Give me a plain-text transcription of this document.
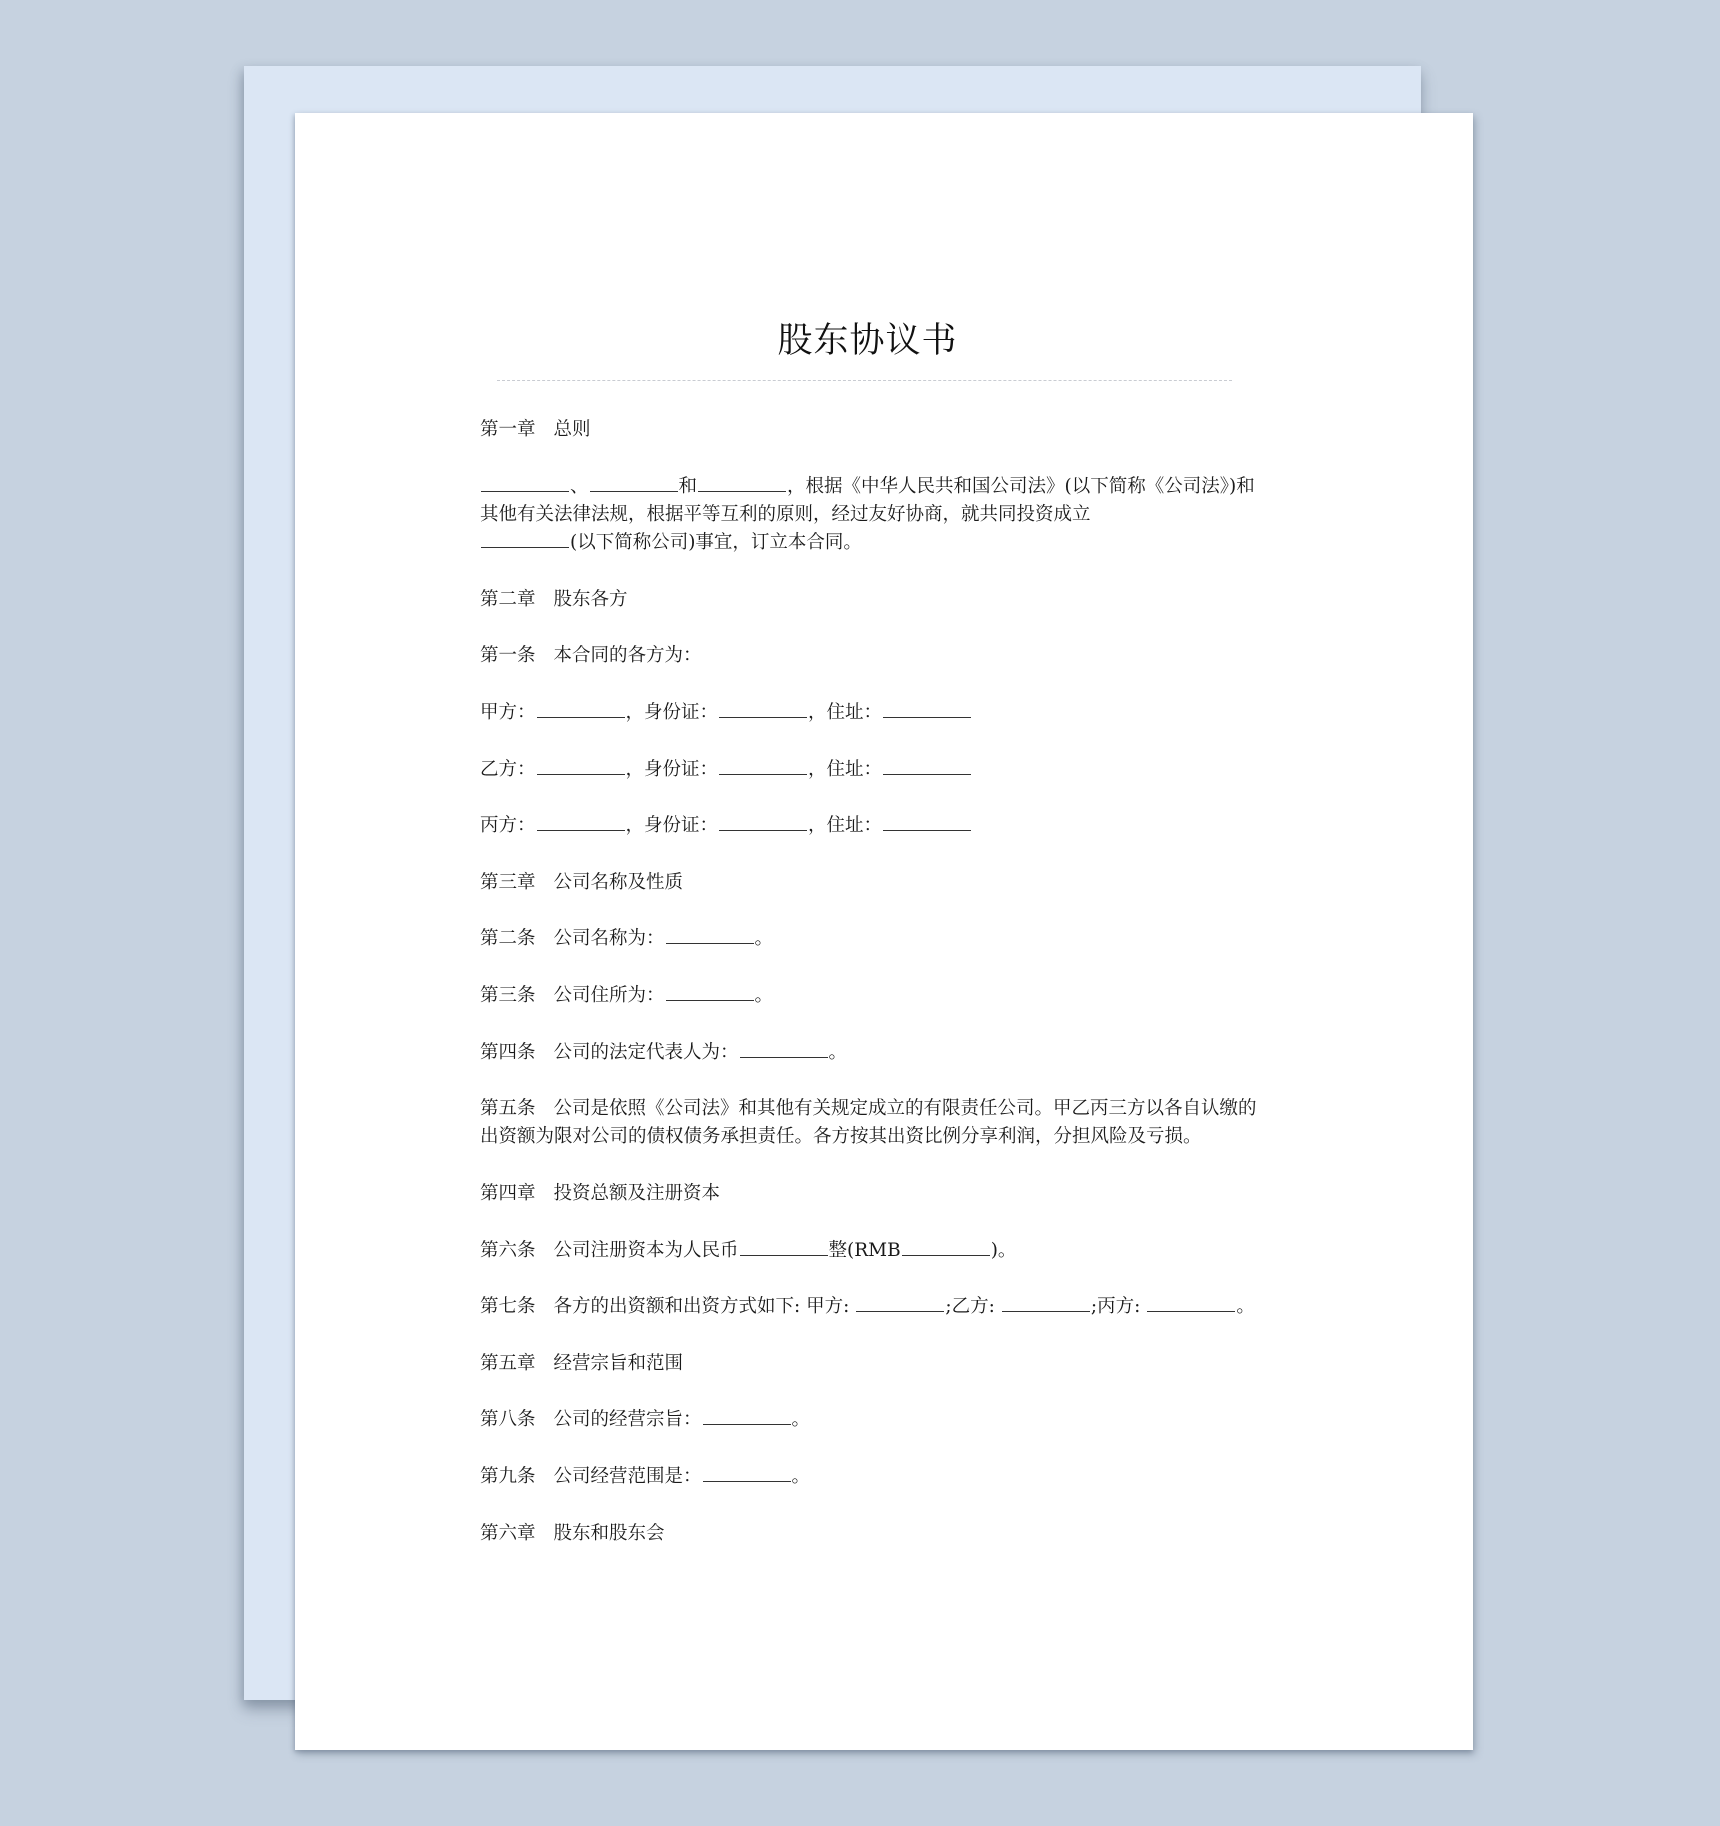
股东协议书

第一章 总则

、	和	，根据《中华人民共和国公司法》(以下简称《公司法》)和其他有关法律法规，根据平等互利的原则，经过友好协商，就共同投资成立
(以下简称公司)事宜，订立本合同。

第二章 股东各方

第一条 本合同的各方为：

甲方：	，身份证：	，住址：

乙方：	，身份证：	，住址：

丙方：	，身份证：	，住址：

第三章 公司名称及性质

第二条 公司名称为：	。

第三条 公司住所为：	。

第四条 公司的法定代表人为：	。

第五条 公司是依照《公司法》和其他有关规定成立的有限责任公司。甲乙丙三方以各自认缴的出资额为限对公司的债权债务承担责任。各方按其出资比例分享利润，分担风险及亏损。

第四章 投资总额及注册资本

第六条 公司注册资本为人民币	整(RMB	)。

第七条 各方的出资额和出资方式如下: 甲方:	;乙方:	;丙方:	。

第五章 经营宗旨和范围

第八条 公司的经营宗旨：	。

第九条 公司经营范围是：	。

第六章 股东和股东会
